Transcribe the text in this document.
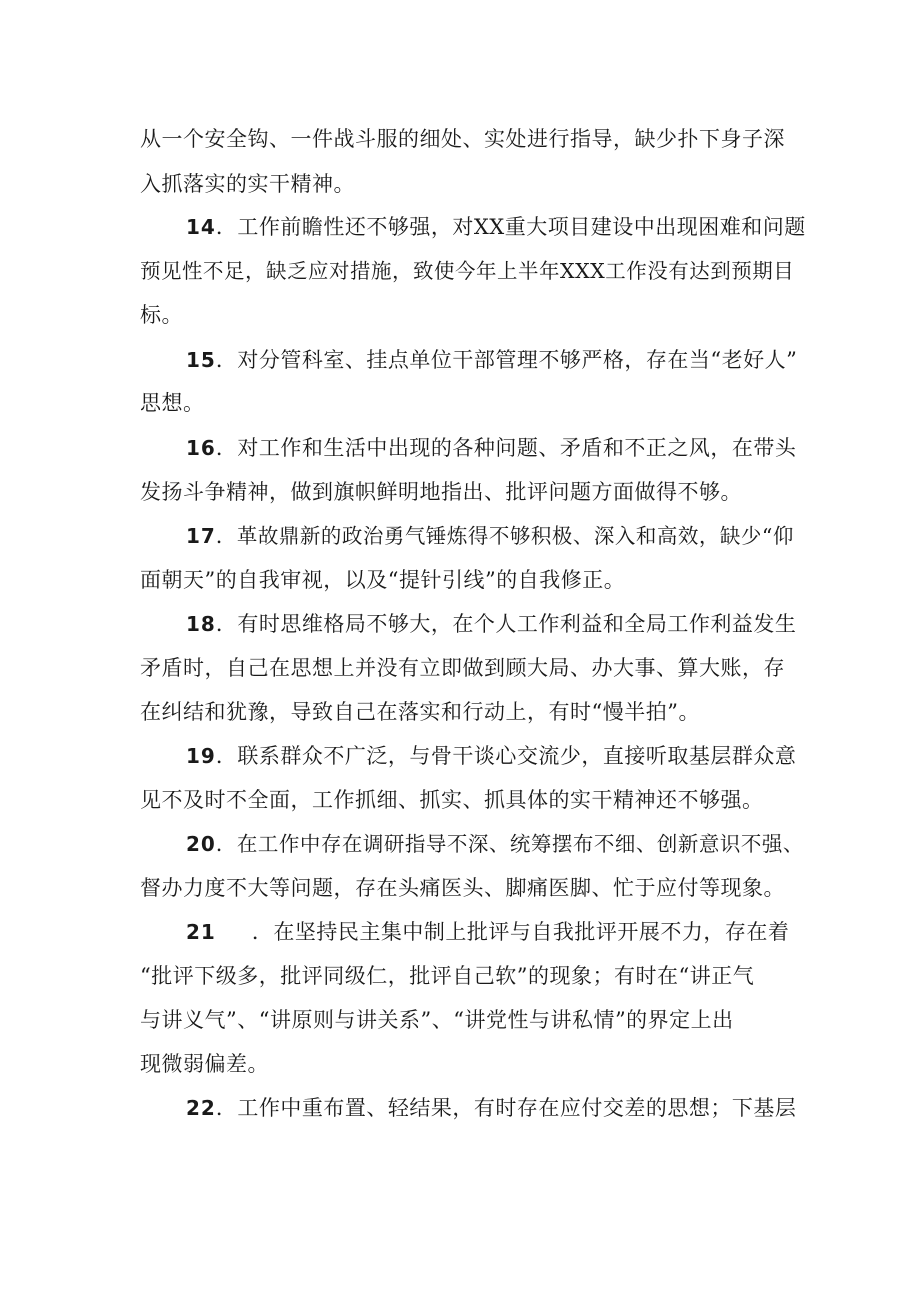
从一个安全钩、一件战斗服的细处、实处进行指导，缺少扑下身子深
入抓落实的实干精神。
14．工作前瞻性还不够强，对XX重大项目建设中出现困难和问题
预见性不足，缺乏应对措施，致使今年上半年XXX工作没有达到预期目
标。
15．对分管科室、挂点单位干部管理不够严格，存在当“老好人”
思想。
16．对工作和生活中出现的各种问题、矛盾和不正之风，在带头
发扬斗争精神，做到旗帜鲜明地指出、批评问题方面做得不够。
17．革故鼎新的政治勇气锤炼得不够积极、深入和高效，缺少“仰
面朝天”的自我审视，以及“提针引线”的自我修正。
18．有时思维格局不够大，在个人工作利益和全局工作利益发生
矛盾时，自己在思想上并没有立即做到顾大局、办大事、算大账，存
在纠结和犹豫，导致自己在落实和行动上，有时“慢半拍”。
19．联系群众不广泛，与骨干谈心交流少，直接听取基层群众意
见不及时不全面，工作抓细、抓实、抓具体的实干精神还不够强。
20．在工作中存在调研指导不深、统筹摆布不细、创新意识不强、
督办力度不大等问题，存在头痛医头、脚痛医脚、忙于应付等现象。
21 ．在坚持民主集中制上批评与自我批评开展不力，存在着
“批评下级多，批评同级仁，批评自己软”的现象；有时在“讲正气
与讲义气”、“讲原则与讲关系”、“讲党性与讲私情”的界定上出
现微弱偏差。
22．工作中重布置、轻结果，有时存在应付交差的思想；下基层
